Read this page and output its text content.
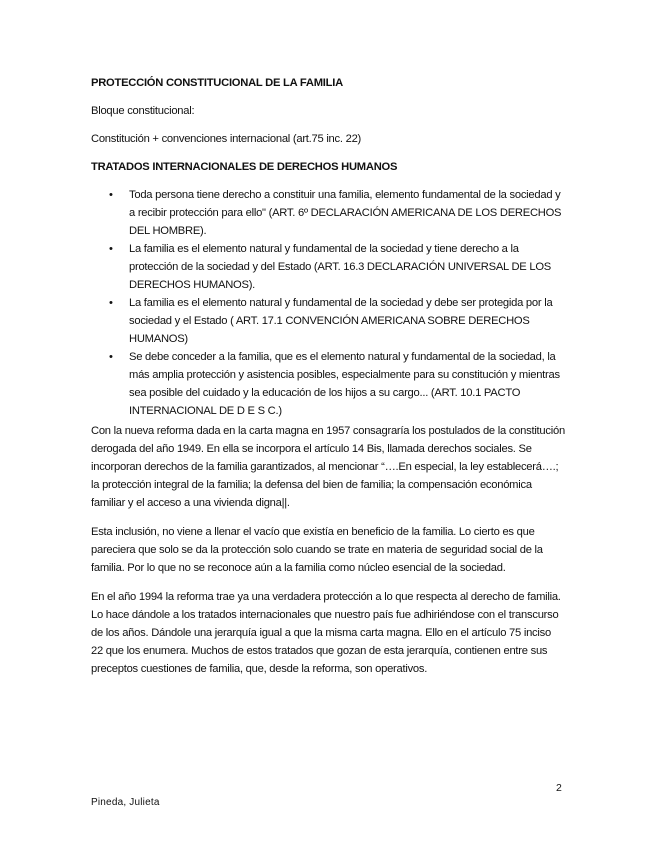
PROTECCIÓN CONSTITUCIONAL DE LA FAMILIA

Bloque constitucional:

Constitución + convenciones internacional (art.75 inc. 22)

TRATADOS INTERNACIONALES DE DERECHOS HUMANOS

• Toda persona tiene derecho a constituir una familia, elemento fundamental de la sociedad y a recibir protección para ello" (ART. 6º DECLARACIÓN AMERICANA DE LOS DERECHOS DEL HOMBRE).
• La familia es el elemento natural y fundamental de la sociedad y tiene derecho a la protección de la sociedad y del Estado (ART. 16.3 DECLARACIÓN UNIVERSAL DE LOS DERECHOS HUMANOS).
• La familia es el elemento natural y fundamental de la sociedad y debe ser protegida por la sociedad y el Estado ( ART. 17.1 CONVENCIÓN AMERICANA SOBRE DERECHOS HUMANOS)
• Se debe conceder a la familia, que es el elemento natural y fundamental de la sociedad, la más amplia protección y asistencia posibles, especialmente para su constitución y mientras sea posible del cuidado y la educación de los hijos a su cargo... (ART. 10.1 PACTO INTERNACIONAL DE D E S C.)

Con la nueva reforma dada en la carta magna en 1957 consagraría los postulados de la constitución derogada del año 1949. En ella se incorpora el artículo 14 Bis, llamada derechos sociales. Se incorporan derechos de la familia garantizados, al mencionar “….En especial, la ley establecerá….; la protección integral de la familia; la defensa del bien de familia; la compensación económica familiar y el acceso a una vivienda digna||.

Esta inclusión, no viene a llenar el vacío que existía en beneficio de la familia. Lo cierto es que pareciera que solo se da la protección solo cuando se trate en materia de seguridad social de la familia. Por lo que no se reconoce aún a la familia como núcleo esencial de la sociedad.

En el año 1994 la reforma trae ya una verdadera protección a lo que respecta al derecho de familia. Lo hace dándole a los tratados internacionales que nuestro país fue adhiriéndose con el transcurso de los años. Dándole una jerarquía igual a que la misma carta magna. Ello en el artículo 75 inciso 22 que los enumera. Muchos de estos tratados que gozan de esta jerarquía, contienen entre sus preceptos cuestiones de familia, que, desde la reforma, son operativos.

2
Pineda, Julieta
